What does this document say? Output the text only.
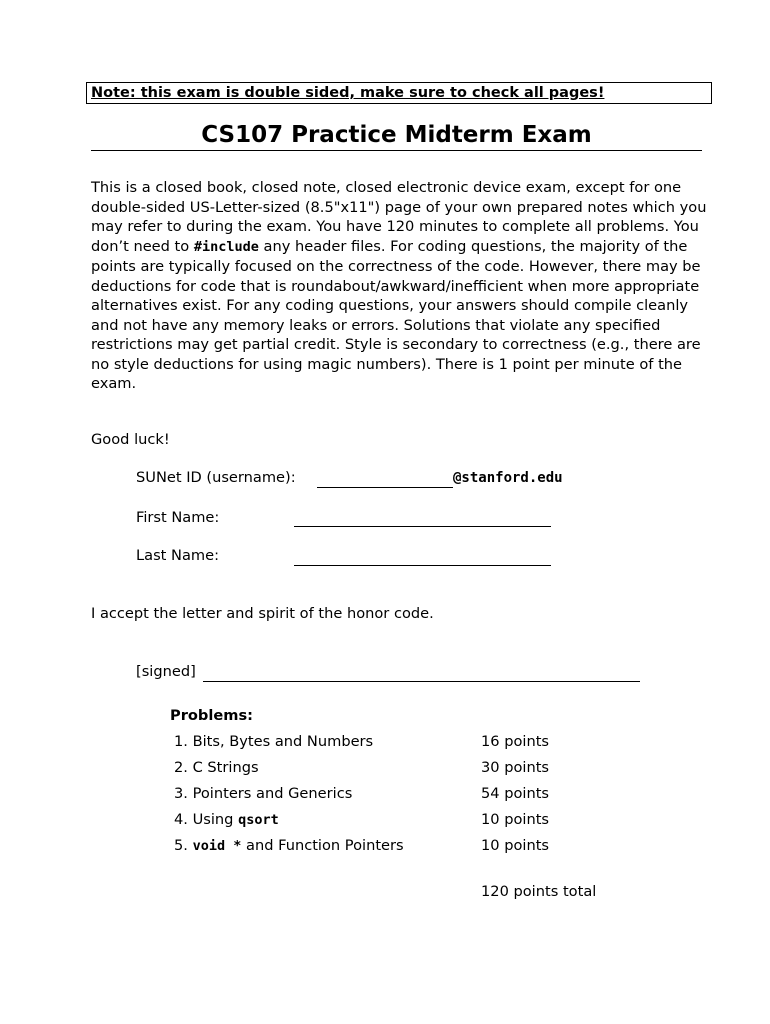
Note: this exam is double sided, make sure to check all pages!
CS107 Practice Midterm Exam
This is a closed book, closed note, closed electronic device exam, except for one double-sided US-Letter-sized (8.5"x11") page of your own prepared notes which you may refer to during the exam. You have 120 minutes to complete all problems. You don’t need to #include any header files. For coding questions, the majority of the points are typically focused on the correctness of the code. However, there may be deductions for code that is roundabout/awkward/inefficient when more appropriate alternatives exist. For any coding questions, your answers should compile cleanly and not have any memory leaks or errors. Solutions that violate any specified restrictions may get partial credit. Style is secondary to correctness (e.g., there are no style deductions for using magic numbers). There is 1 point per minute of the exam.
Good luck!
SUNet ID (username):	@stanford.edu
First Name:
Last Name:
I accept the letter and spirit of the honor code.
[signed]
Problems:
1. Bits, Bytes and Numbers	16 points
2. C Strings	30 points
3. Pointers and Generics	54 points
4. Using qsort	10 points
5. void * and Function Pointers	10 points
120 points total
